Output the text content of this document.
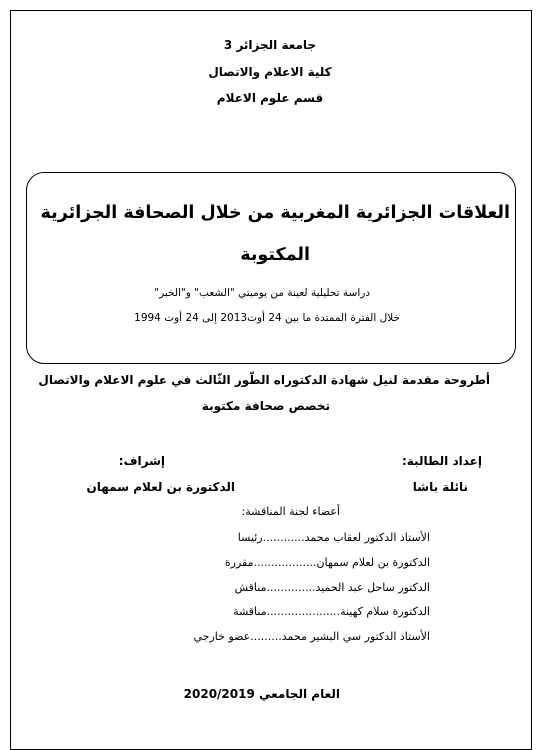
جامعة الجزائر 3
كلية الاعلام والاتصال
قسم علوم الاعلام
العلاقات الجزائرية المغربية من خلال الصحافة الجزائرية
المكتوبة
دراسة تحليلية لعينة من يوميتي "الشعب" و"الخبر"
خلال الفترة الممتدة ما بين 24 أوت2013 إلى 24 أوت 1994
أطروحة مقدمة لنيل شهادة الدكتوراه الطّور الثّالث في علوم الاعلام والاتصال
تخصص صحافة مكتوبة
إعداد الطالبة:
نائلة باشا
إشراف:
الدكتورة بن لعلام سمهان
أعضاء لجنة المناقشة:
الأستاذ الدكتور لعقاب محمد............رئيسا
الدكتورة بن لعلام سمهان..................مقررة
الدكتور ساحل عبد الحميد..............مناقش
الدكتورة سلام كهينة.....................مناقشة
الأستاذ الدكتور سي البشير محمد.........عضو خارجي
العام الجامعي 2020/2019
